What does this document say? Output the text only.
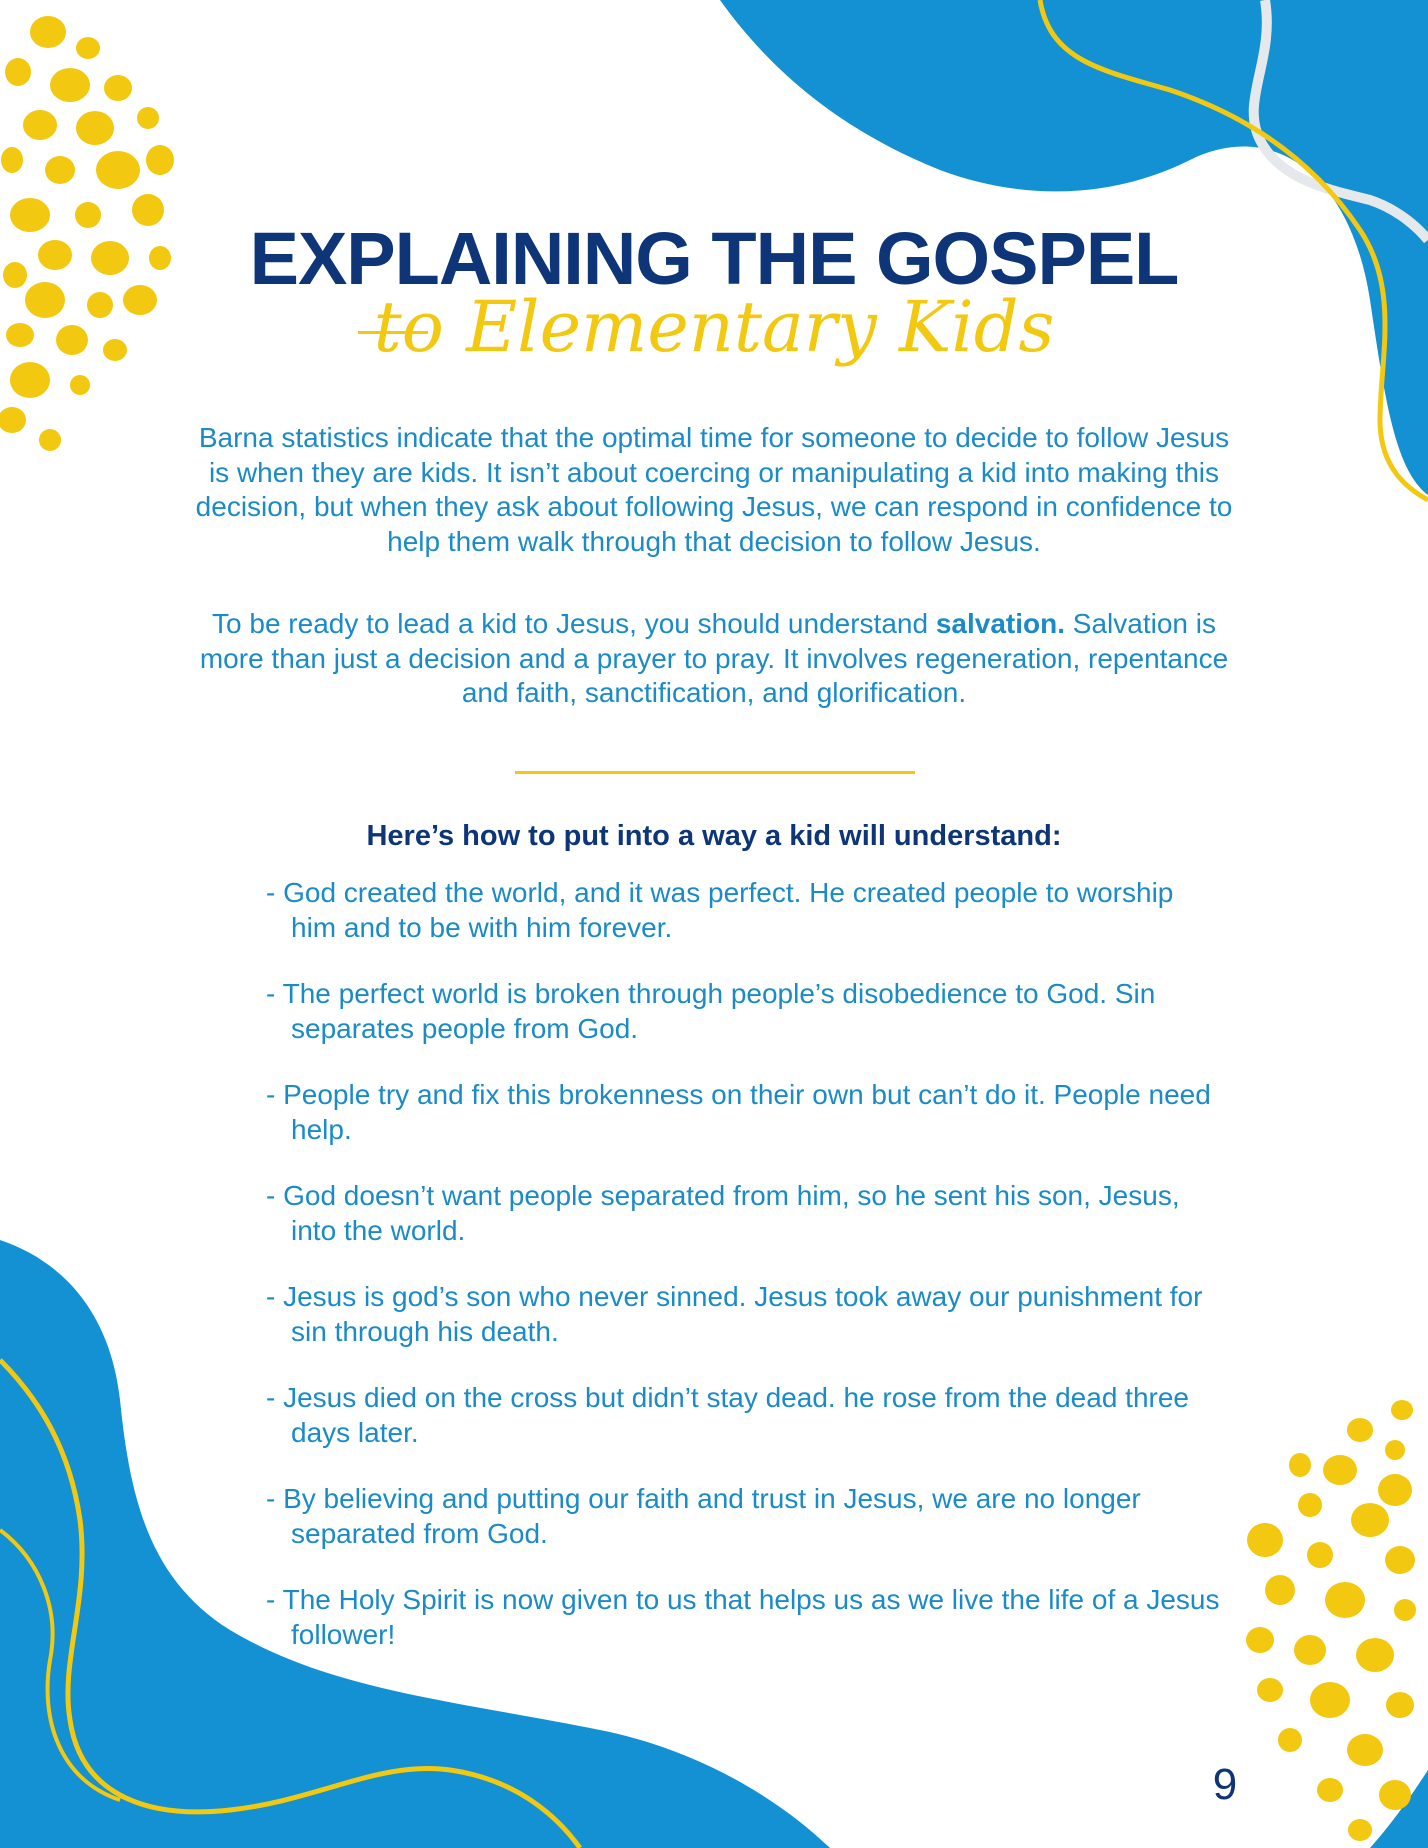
EXPLAINING THE GOSPEL
to Elementary Kids

Barna statistics indicate that the optimal time for someone to decide to follow Jesus is when they are kids. It isn’t about coercing or manipulating a kid into making this decision, but when they ask about following Jesus, we can respond in confidence to help them walk through that decision to follow Jesus.

To be ready to lead a kid to Jesus, you should understand salvation. Salvation is more than just a decision and a prayer to pray. It involves regeneration, repentance and faith, sanctification, and glorification.

Here’s how to put into a way a kid will understand:
- God created the world, and it was perfect. He created people to worship him and to be with him forever.
- The perfect world is broken through people’s disobedience to God. Sin separates people from God.
- People try and fix this brokenness on their own but can’t do it. People need help.
- God doesn’t want people separated from him, so he sent his son, Jesus, into the world.
- Jesus is god’s son who never sinned. Jesus took away our punishment for sin through his death.
- Jesus died on the cross but didn’t stay dead. he rose from the dead three days later.
- By believing and putting our faith and trust in Jesus, we are no longer separated from God.
- The Holy Spirit is now given to us that helps us as we live the life of a Jesus follower!
9
